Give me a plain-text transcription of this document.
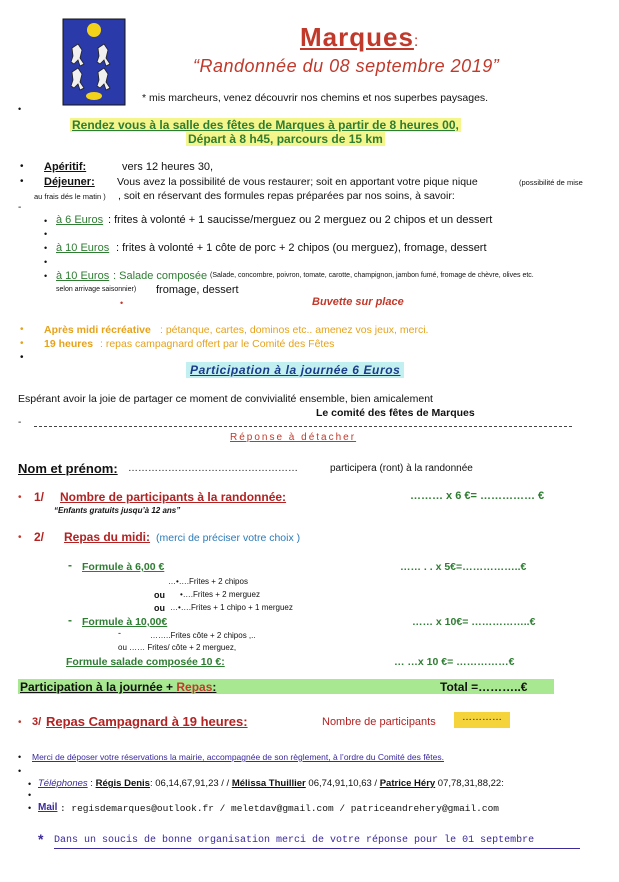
Marques:
“Randonnée du 08 septembre 2019”
* mis marcheurs, venez découvrir nos chemins et nos superbes paysages.
•
Rendez vous à la salle des fêtes de Marques à partir de 8 heures 00,
Départ à 8 h45, parcours de 15 km
• Apéritif:	vers 12 heures 30,
• Déjeuner: Vous avez la possibilité de vous restaurer; soit en apportant votre pique nique	(possibilité de mise
au frais dés le matin ) , soit en réservant des formules repas préparées par nos soins, à savoir:
-
• à 6 Euros : frites à volonté + 1 saucisse/merguez ou 2 merguez ou 2 chipos et un dessert
•
• à 10 Euros : frites à volonté + 1 côte de porc + 2 chipos (ou merguez), fromage, dessert
•
• à 10 Euros : Salade composée (Salade, concombre, poivron, tomate, carotte, champignon, jambon fumé, fromage de chèvre, olives etc.
selon arrivage saisonnier) fromage, dessert
•	Buvette sur place
• Après midi récréative : pétanque, cartes, dominos etc.. amenez vos jeux, merci.
• 19 heures : repas campagnard offert par le Comité des Fêtes
•
Participation à la journée 6 Euros
Espérant avoir la joie de partager ce moment de convivialité ensemble, bien amicalement
Le comité des fêtes de Marques
-
Réponse à détacher
Nom et prénom: ……………………………………………	participera (ront) à la randonnée
• 1/ Nombre de participants à la randonnée:	……… x 6 €= …………… €
“Enfants gratuits jusqu’à 12 ans”
• 2/ Repas du midi: (merci de préciser votre choix )
- Formule à 6,00 €	…… . . x 5€=……………..€
…•….Frites + 2 chipos
ou •….Frites + 2 merguez
ou …•….Frites + 1 chipo + 1 merguez
- Formule à 10,00€	…… x 10€= ……………..€
-	……..Frites côte + 2 chipos ,..
ou …… Frites/ côte + 2 merguez,
Formule salade composée 10 €:	… …x 10 €= ……………€
Participation à la journée + Repas:	Total =………..€
• 3/ Repas Campagnard à 19 heures:	Nombre de participants	…………
• Merci de déposer votre réservations la mairie, accompagnée de son règlement, à l’ordre du Comité des fêtes.
•
• Téléphones : Régis Denis: 06,14,67,91,23 / / Mélissa Thuillier 06,74,91,10,63 / Patrice Héry 07,78,31,88,22:
•
• Mail : regisdemarques@outlook.fr / meletdav@gmail.com / patriceandrehery@gmail.com
* Dans un soucis de bonne organisation merci de votre réponse pour le 01 septembre
